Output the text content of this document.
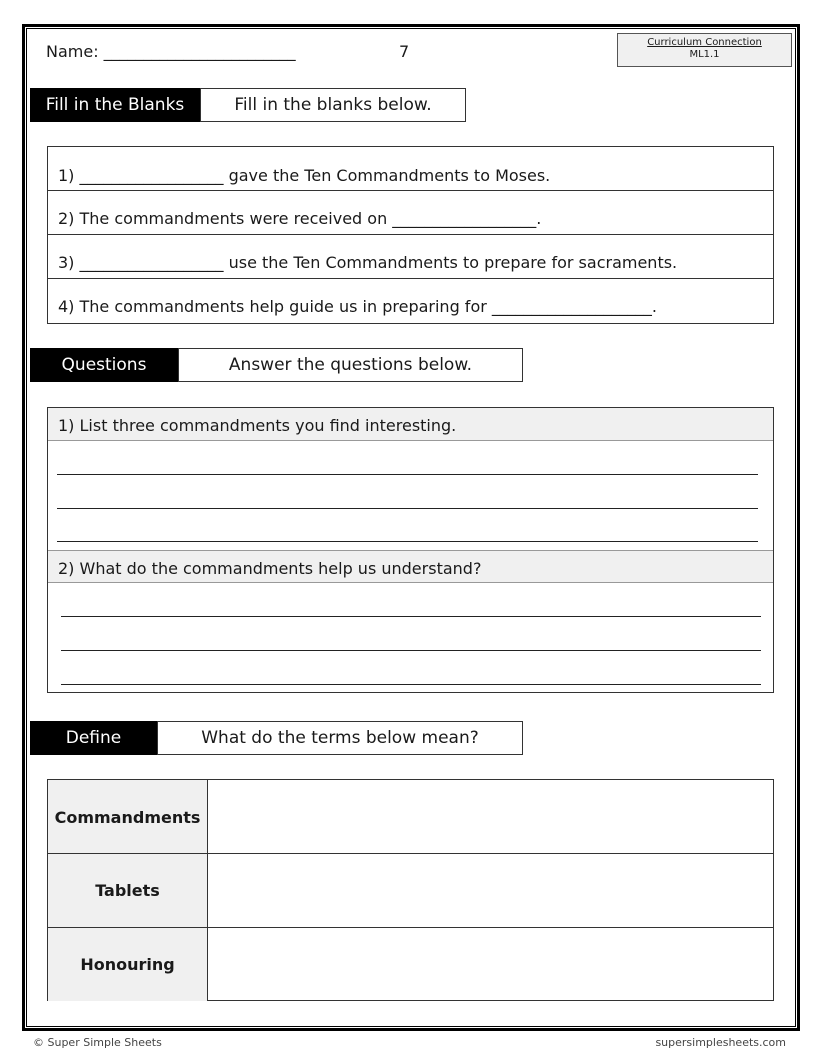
Name: ________________________	7	Curriculum Connection
ML1.1
Fill in the Blanks	Fill in the blanks below.
1) __________________ gave the Ten Commandments to Moses.
2) The commandments were received on __________________.
3) __________________ use the Ten Commandments to prepare for sacraments.
4) The commandments help guide us in preparing for ____________________.
Questions	Answer the questions below.
1) List three commandments you find interesting.
2) What do the commandments help us understand?
Define	What do the terms below mean?
Commandments
Tablets
Honouring
© Super Simple Sheets	supersimplesheets.com
